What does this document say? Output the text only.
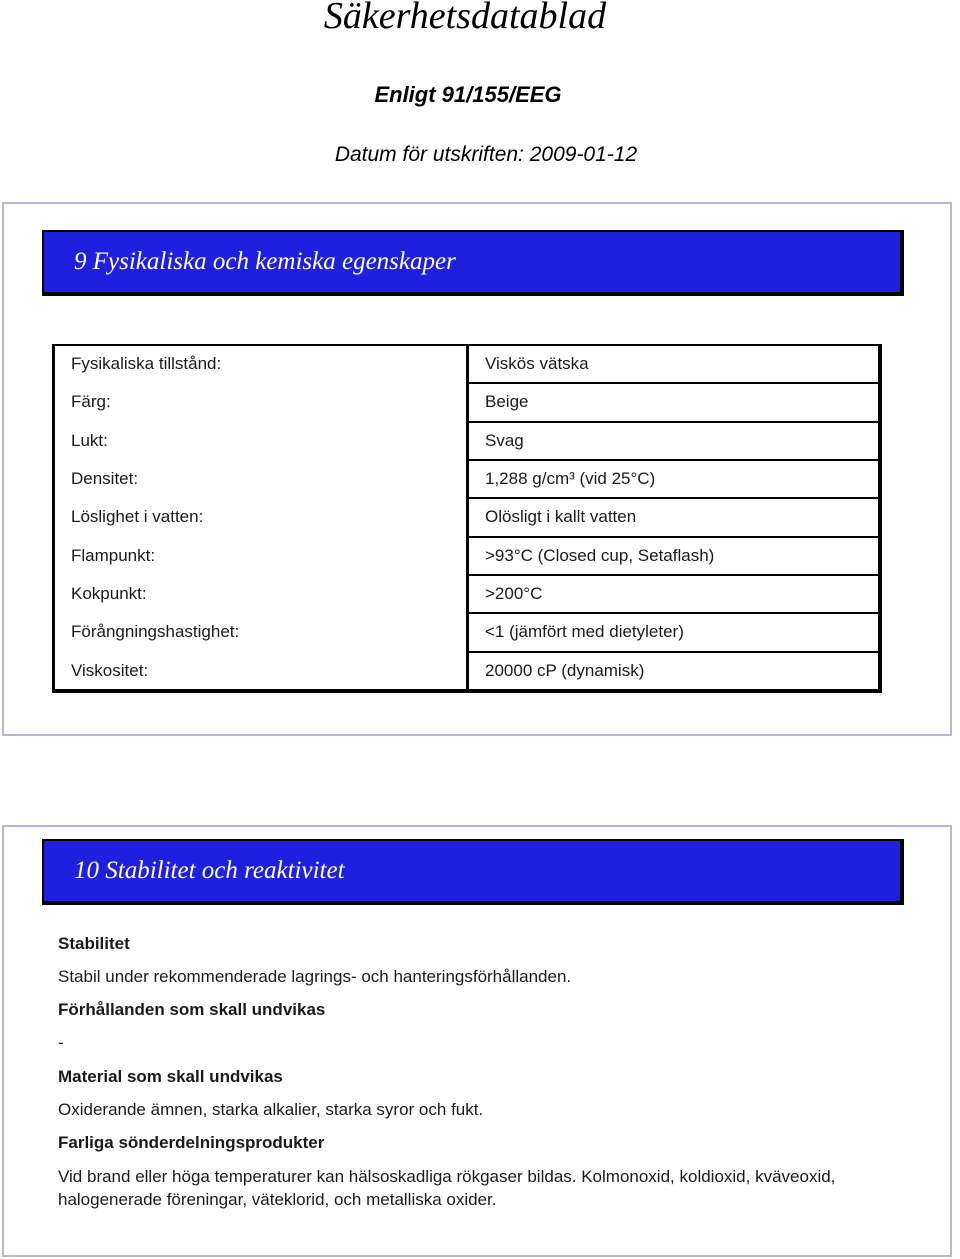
Säkerhetsdatablad
Enligt 91/155/EEG
Datum för utskriften: 2009-01-12
9 Fysikaliska och kemiska egenskaper
Fysikaliska tillstånd:	Viskös vätska
Färg:	Beige
Lukt:	Svag
Densitet:	1,288 g/cm³ (vid 25°C)
Löslighet i vatten:	Olösligt i kallt vatten
Flampunkt:	>93°C (Closed cup, Setaflash)
Kokpunkt:	>200°C
Förångningshastighet:	<1 (jämfört med dietyleter)
Viskositet:	20000 cP (dynamisk)
10 Stabilitet och reaktivitet
Stabilitet
Stabil under rekommenderade lagrings- och hanteringsförhållanden.
Förhållanden som skall undvikas
-
Material som skall undvikas
Oxiderande ämnen, starka alkalier, starka syror och fukt.
Farliga sönderdelningsprodukter
Vid brand eller höga temperaturer kan hälsoskadliga rökgaser bildas. Kolmonoxid, koldioxid, kväveoxid,
halogenerade föreningar, väteklorid, och metalliska oxider.
